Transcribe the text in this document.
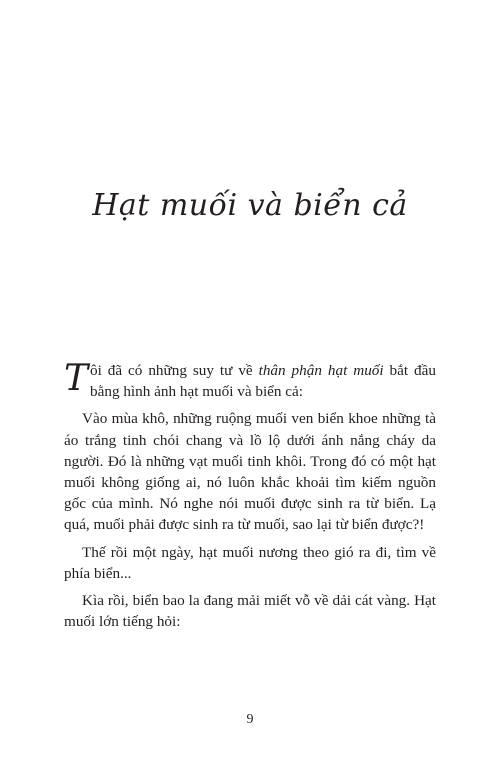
Hạt muối và biển cả

Tôi đã có những suy tư về thân phận hạt muối bắt đầu bằng hình ảnh hạt muối và biển cả:

Vào mùa khô, những ruộng muối ven biển khoe những tà áo trắng tinh chói chang và lồ lộ dưới ánh nắng cháy da người. Đó là những vạt muối tinh khôi. Trong đó có một hạt muối không giống ai, nó luôn khắc khoải tìm kiếm nguồn gốc của mình. Nó nghe nói muối được sinh ra từ biển. Lạ quá, muối phải được sinh ra từ muối, sao lại từ biển được?!

Thế rồi một ngày, hạt muối nương theo gió ra đi, tìm về phía biển...

Kìa rồi, biển bao la đang mải miết vỗ về dải cát vàng. Hạt muối lớn tiếng hỏi:

9
